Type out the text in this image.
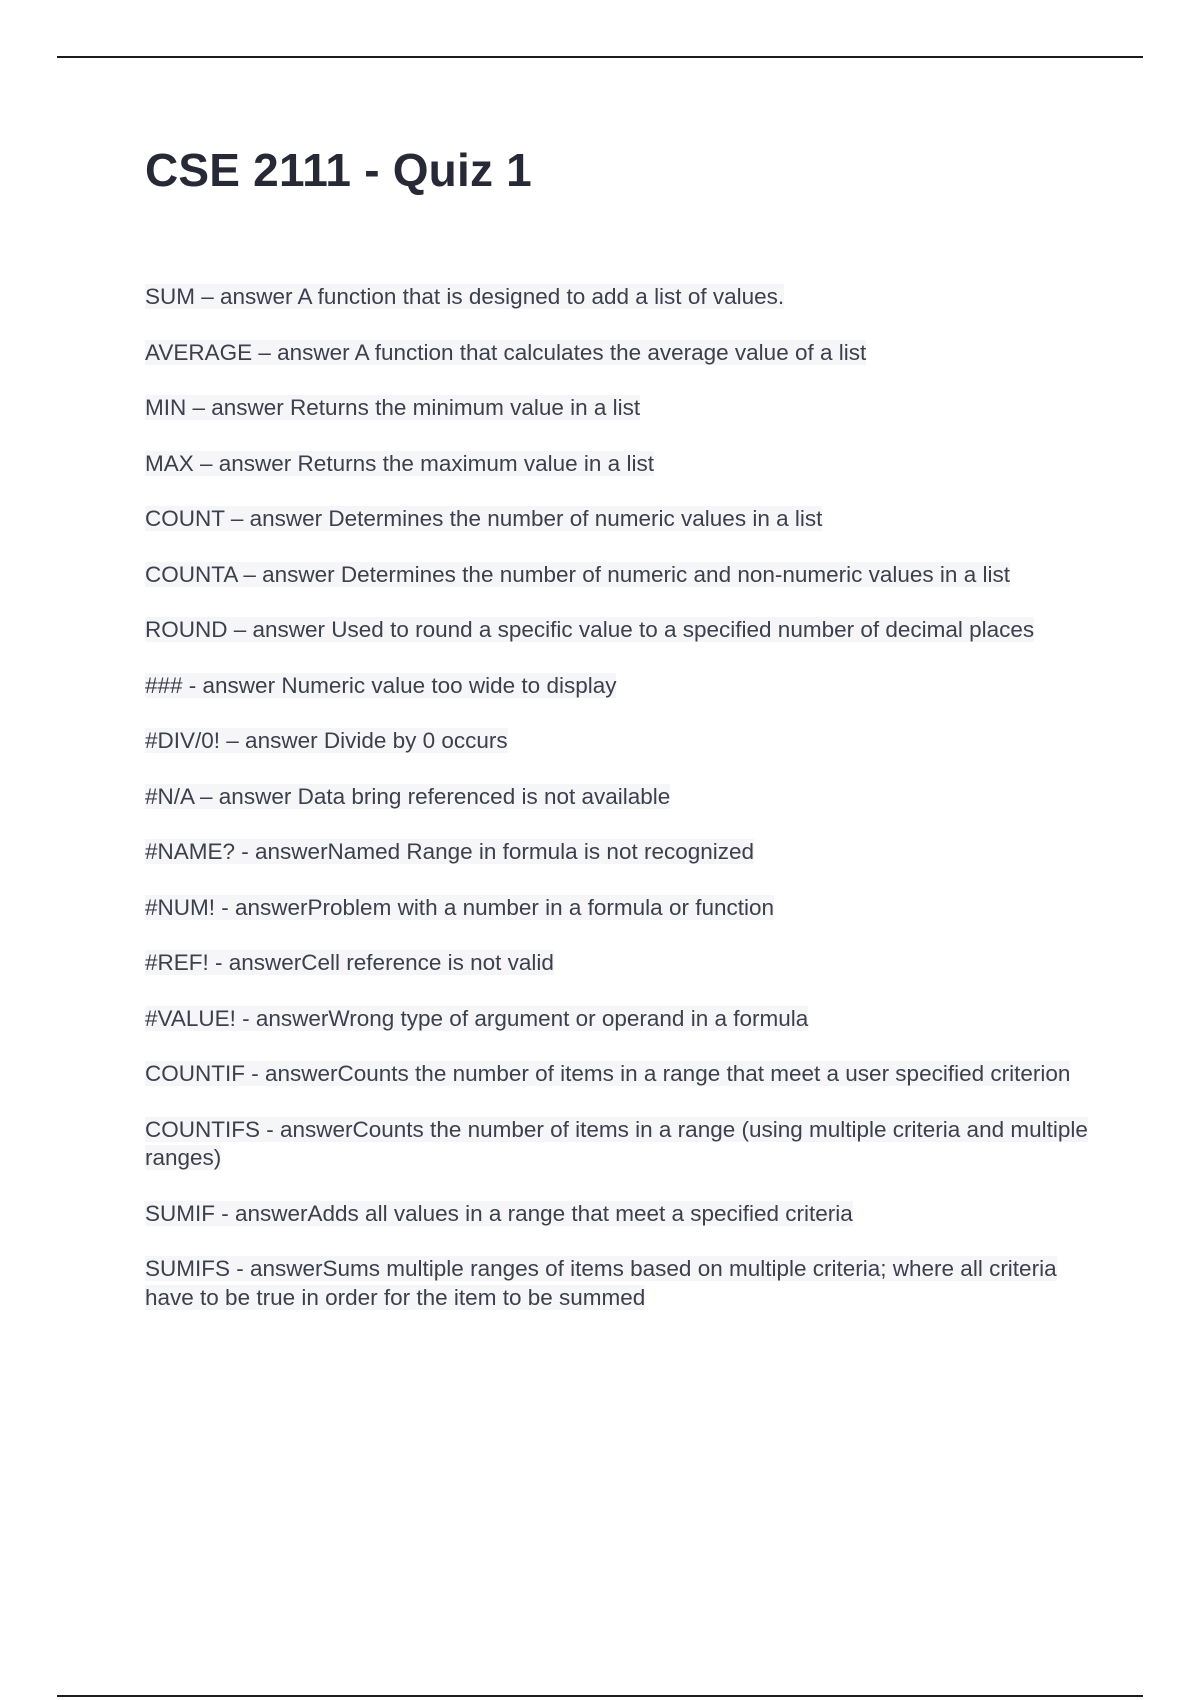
CSE 2111 - Quiz 1
SUM – answer A function that is designed to add a list of values.
AVERAGE – answer A function that calculates the average value of a list
MIN – answer Returns the minimum value in a list
MAX – answer Returns the maximum value in a list
COUNT – answer Determines the number of numeric values in a list
COUNTA – answer Determines the number of numeric and non-numeric values in a list
ROUND – answer Used to round a specific value to a specified number of decimal places
### - answer Numeric value too wide to display
#DIV/0! – answer Divide by 0 occurs
#N/A – answer Data bring referenced is not available
#NAME? - answerNamed Range in formula is not recognized
#NUM! - answerProblem with a number in a formula or function
#REF! - answerCell reference is not valid
#VALUE! - answerWrong type of argument or operand in a formula
COUNTIF - answerCounts the number of items in a range that meet a user specified criterion
COUNTIFS - answerCounts the number of items in a range (using multiple criteria and multiple ranges)
SUMIF - answerAdds all values in a range that meet a specified criteria
SUMIFS - answerSums multiple ranges of items based on multiple criteria; where all criteria have to be true in order for the item to be summed
